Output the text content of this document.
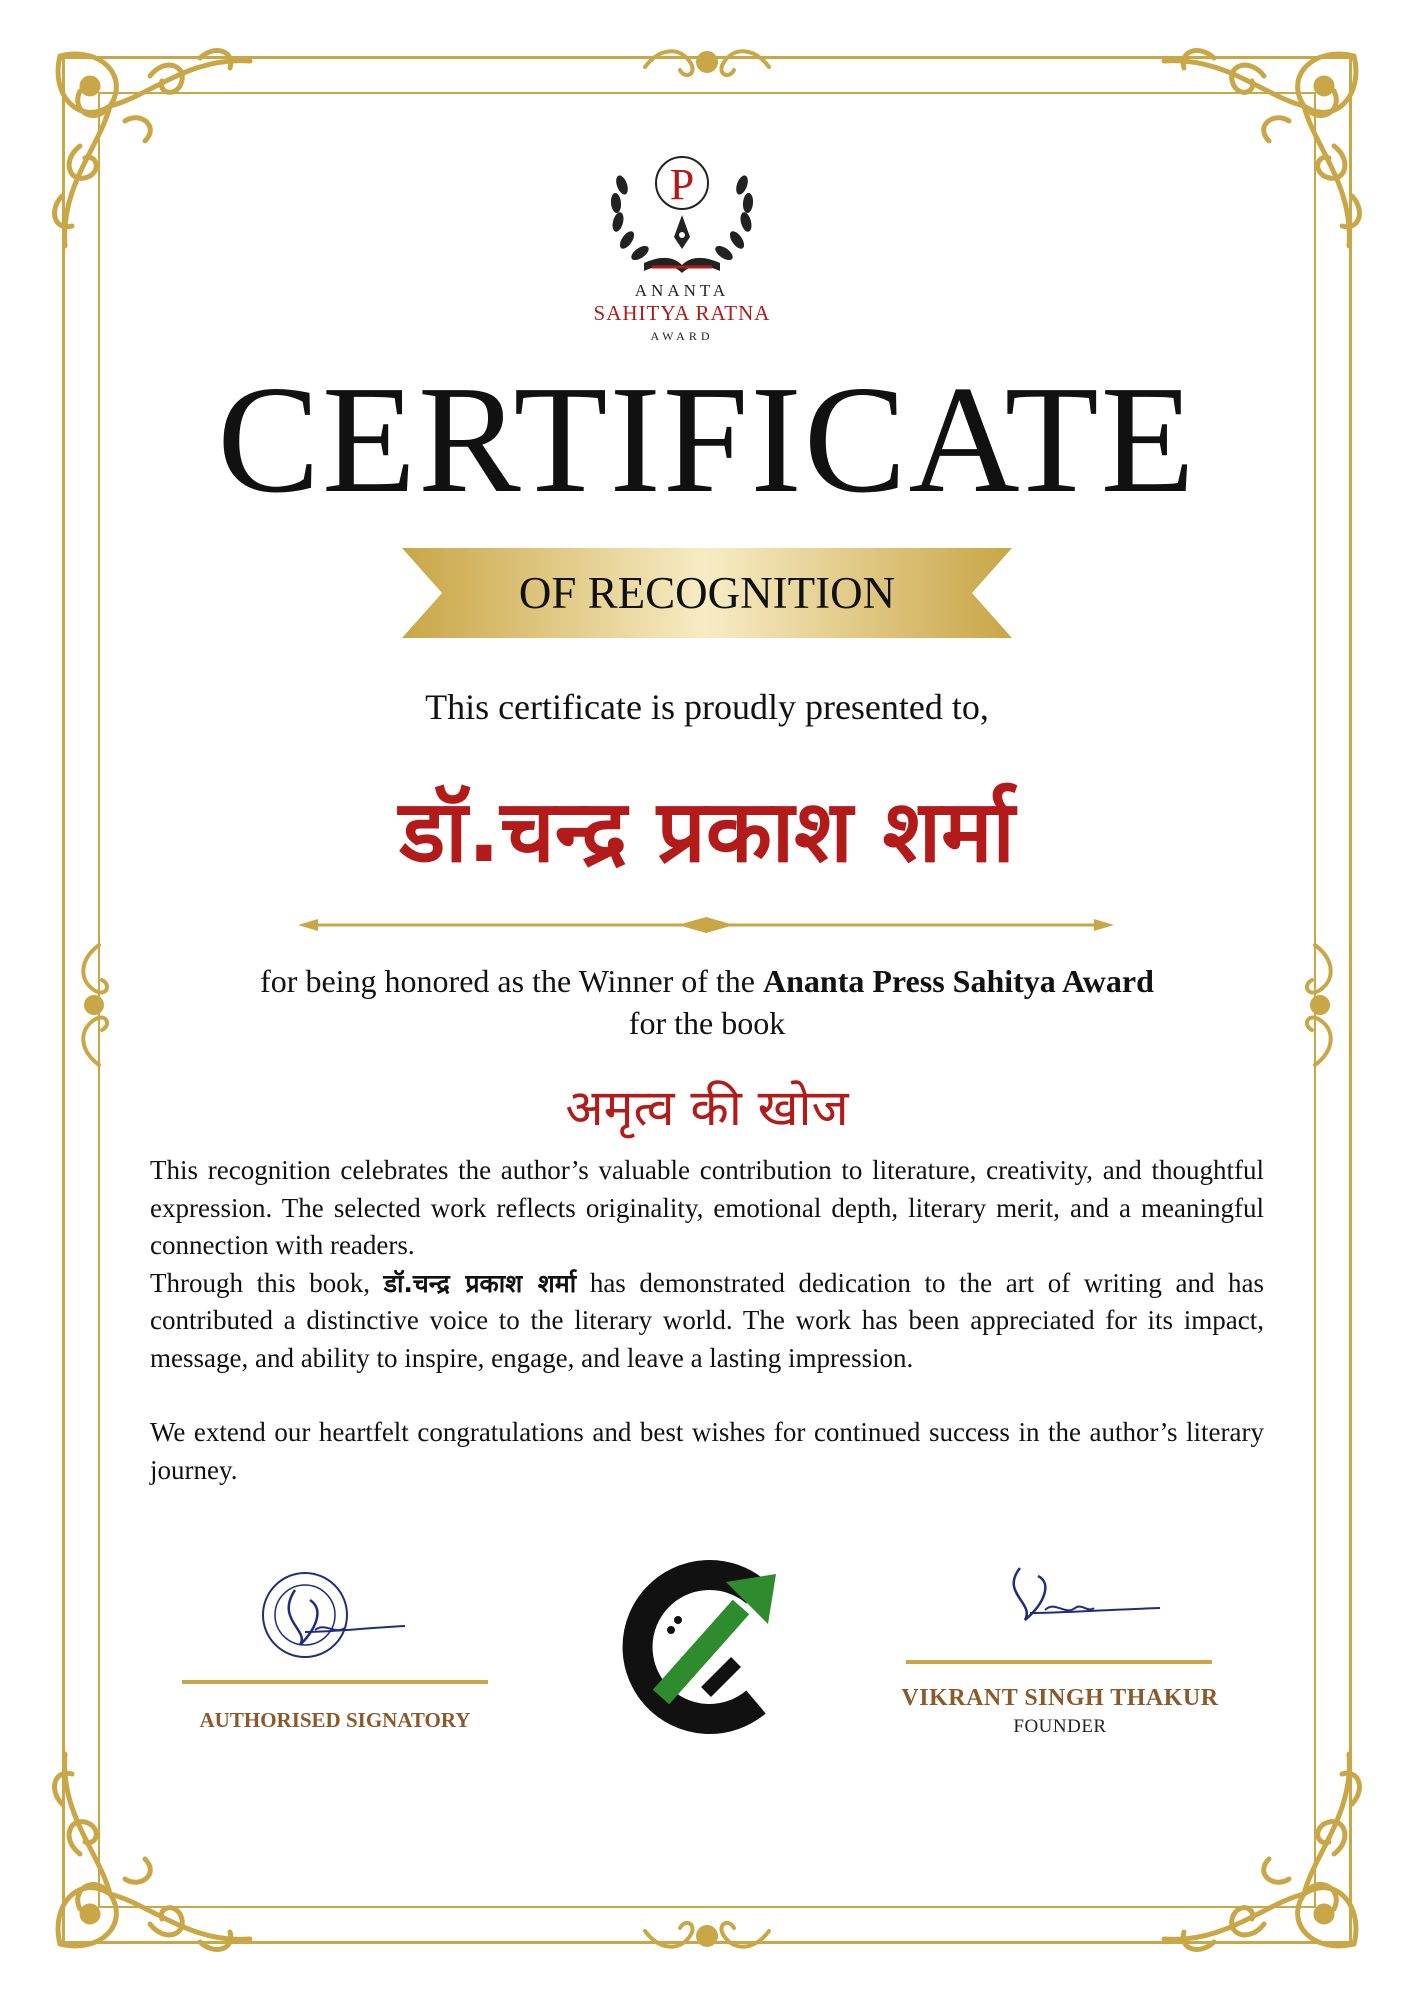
P
ANANTA
SAHITYA RATNA
AWARD
CERTIFICATE
OF RECOGNITION
This certificate is proudly presented to,
डॉ.चन्द्र प्रकाश शर्मा
for being honored as the Winner of the Ananta Press Sahitya Award
for the book
अमृत्व की खोज

This recognition celebrates the author’s valuable contribution to literature, creativity, and thoughtful expression. The selected work reflects originality, emotional depth, literary merit, and a meaningful connection with readers.

Through this book, डॉ.चन्द्र प्रकाश शर्मा has demonstrated dedication to the art of writing and has contributed a distinctive voice to the literary world. The work has been appreciated for its impact, message, and ability to inspire, engage, and leave a lasting impression.

We extend our heartfelt congratulations and best wishes for continued success in the author’s literary journey.

AUTHORISED SIGNATORY
VIKRANT SINGH THAKUR
FOUNDER
